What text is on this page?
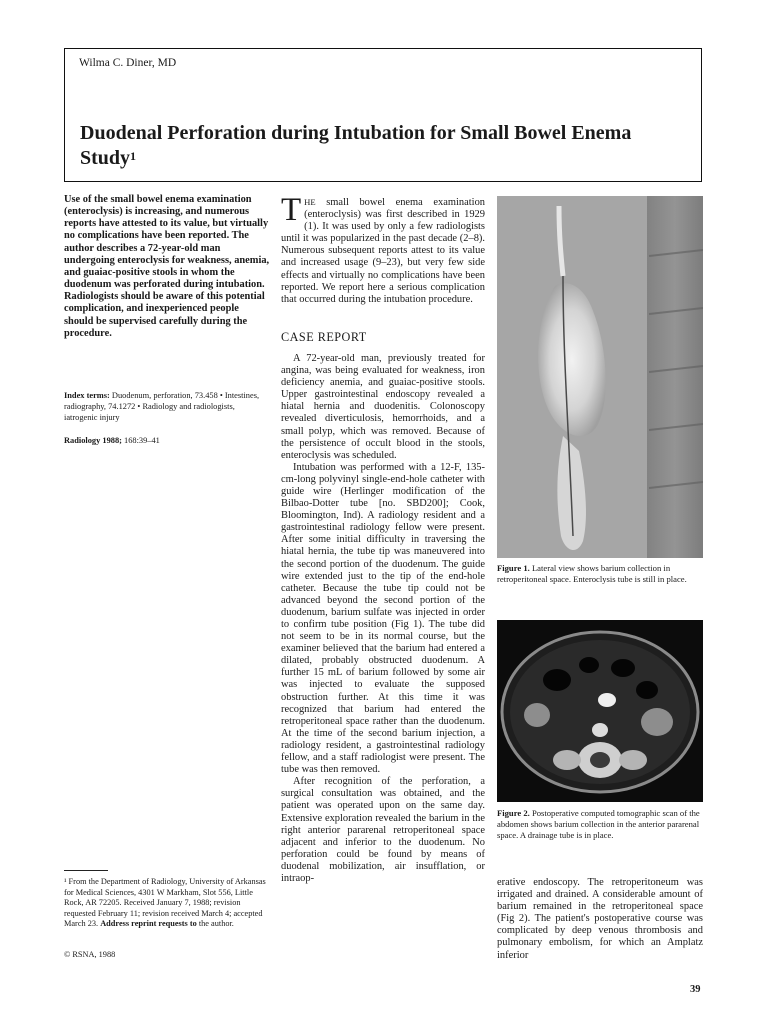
Wilma C. Diner, MD
Duodenal Perforation during Intubation for Small Bowel Enema Study$^1$

Use of the small bowel enema examination (enteroclysis) is increasing, and numerous reports have attested to its value, but virtually no complications have been reported. The author describes a 72-year-old man undergoing enteroclysis for weakness, anemia, and guaiac-positive stools in whom the duodenum was perforated during intubation. Radiologists should be aware of this potential complication, and inexperienced people should be supervised carefully during the procedure.

Index terms: Duodenum, perforation, 73.458 • Intestines, radiography, 74.1272 • Radiology and radiologists, iatrogenic injury

Radiology 1988; 168:39–41

¹ From the Department of Radiology, University of Arkansas for Medical Sciences, 4301 W Markham, Slot 556, Little Rock, AR 72205. Received January 7, 1988; revision requested February 11; revision received March 4; accepted March 23. Address reprint requests to the author.

© RSNA, 1988

THE small bowel enema examination (enteroclysis) was first described in 1929 (1). It was used by only a few radiologists until it was popularized in the past decade (2–8). Numerous subsequent reports attest to its value and increased usage (9–23), but very few side effects and virtually no complications have been reported. We report here a serious complication that occurred during the intubation procedure.

CASE REPORT

A 72-year-old man, previously treated for angina, was being evaluated for weakness, iron deficiency anemia, and guaiac-positive stools. Upper gastrointestinal endoscopy revealed a hiatal hernia and duodenitis. Colonoscopy revealed diverticulosis, hemorrhoids, and a small polyp, which was removed. Because of the persistence of occult blood in the stools, enteroclysis was scheduled.

Intubation was performed with a 12-F, 135-cm-long polyvinyl single-end-hole catheter with guide wire (Herlinger modification of the Bilbao-Dotter tube [no. SBD200]; Cook, Bloomington, Ind). A radiology resident and a gastrointestinal radiology fellow were present. After some initial difficulty in traversing the hiatal hernia, the tube tip was maneuvered into the second portion of the duodenum. The guide wire extended just to the tip of the end-hole catheter. Because the tube tip could not be advanced beyond the second portion of the duodenum, barium sulfate was injected in order to confirm tube position (Fig 1). The tube did not seem to be in its normal course, but the examiner believed that the barium had entered a dilated, probably obstructed duodenum. A further 15 mL of barium followed by some air was injected to evaluate the supposed obstruction further. At this time it was recognized that barium had entered the retroperitoneal space rather than the duodenum. At the time of the second barium injection, a radiology resident, a gastrointestinal radiology fellow, and a staff radiologist were present. The tube was then removed.

After recognition of the perforation, a surgical consultation was obtained, and the patient was operated upon on the same day. Extensive exploration revealed the barium in the right anterior pararenal retroperitoneal space adjacent and inferior to the duodenum. No perforation could be found by means of duodenal mobilization, air insufflation, or intraop-

Figure 1. Lateral view shows barium collection in retroperitoneal space. Enteroclysis tube is still in place.

Figure 2. Postoperative computed tomographic scan of the abdomen shows barium collection in the anterior pararenal space. A drainage tube is in place.

erative endoscopy. The retroperitoneum was irrigated and drained. A considerable amount of barium remained in the retroperitoneal space (Fig 2). The patient's postoperative course was complicated by deep venous thrombosis and pulmonary embolism, for which an Amplatz inferior

39
